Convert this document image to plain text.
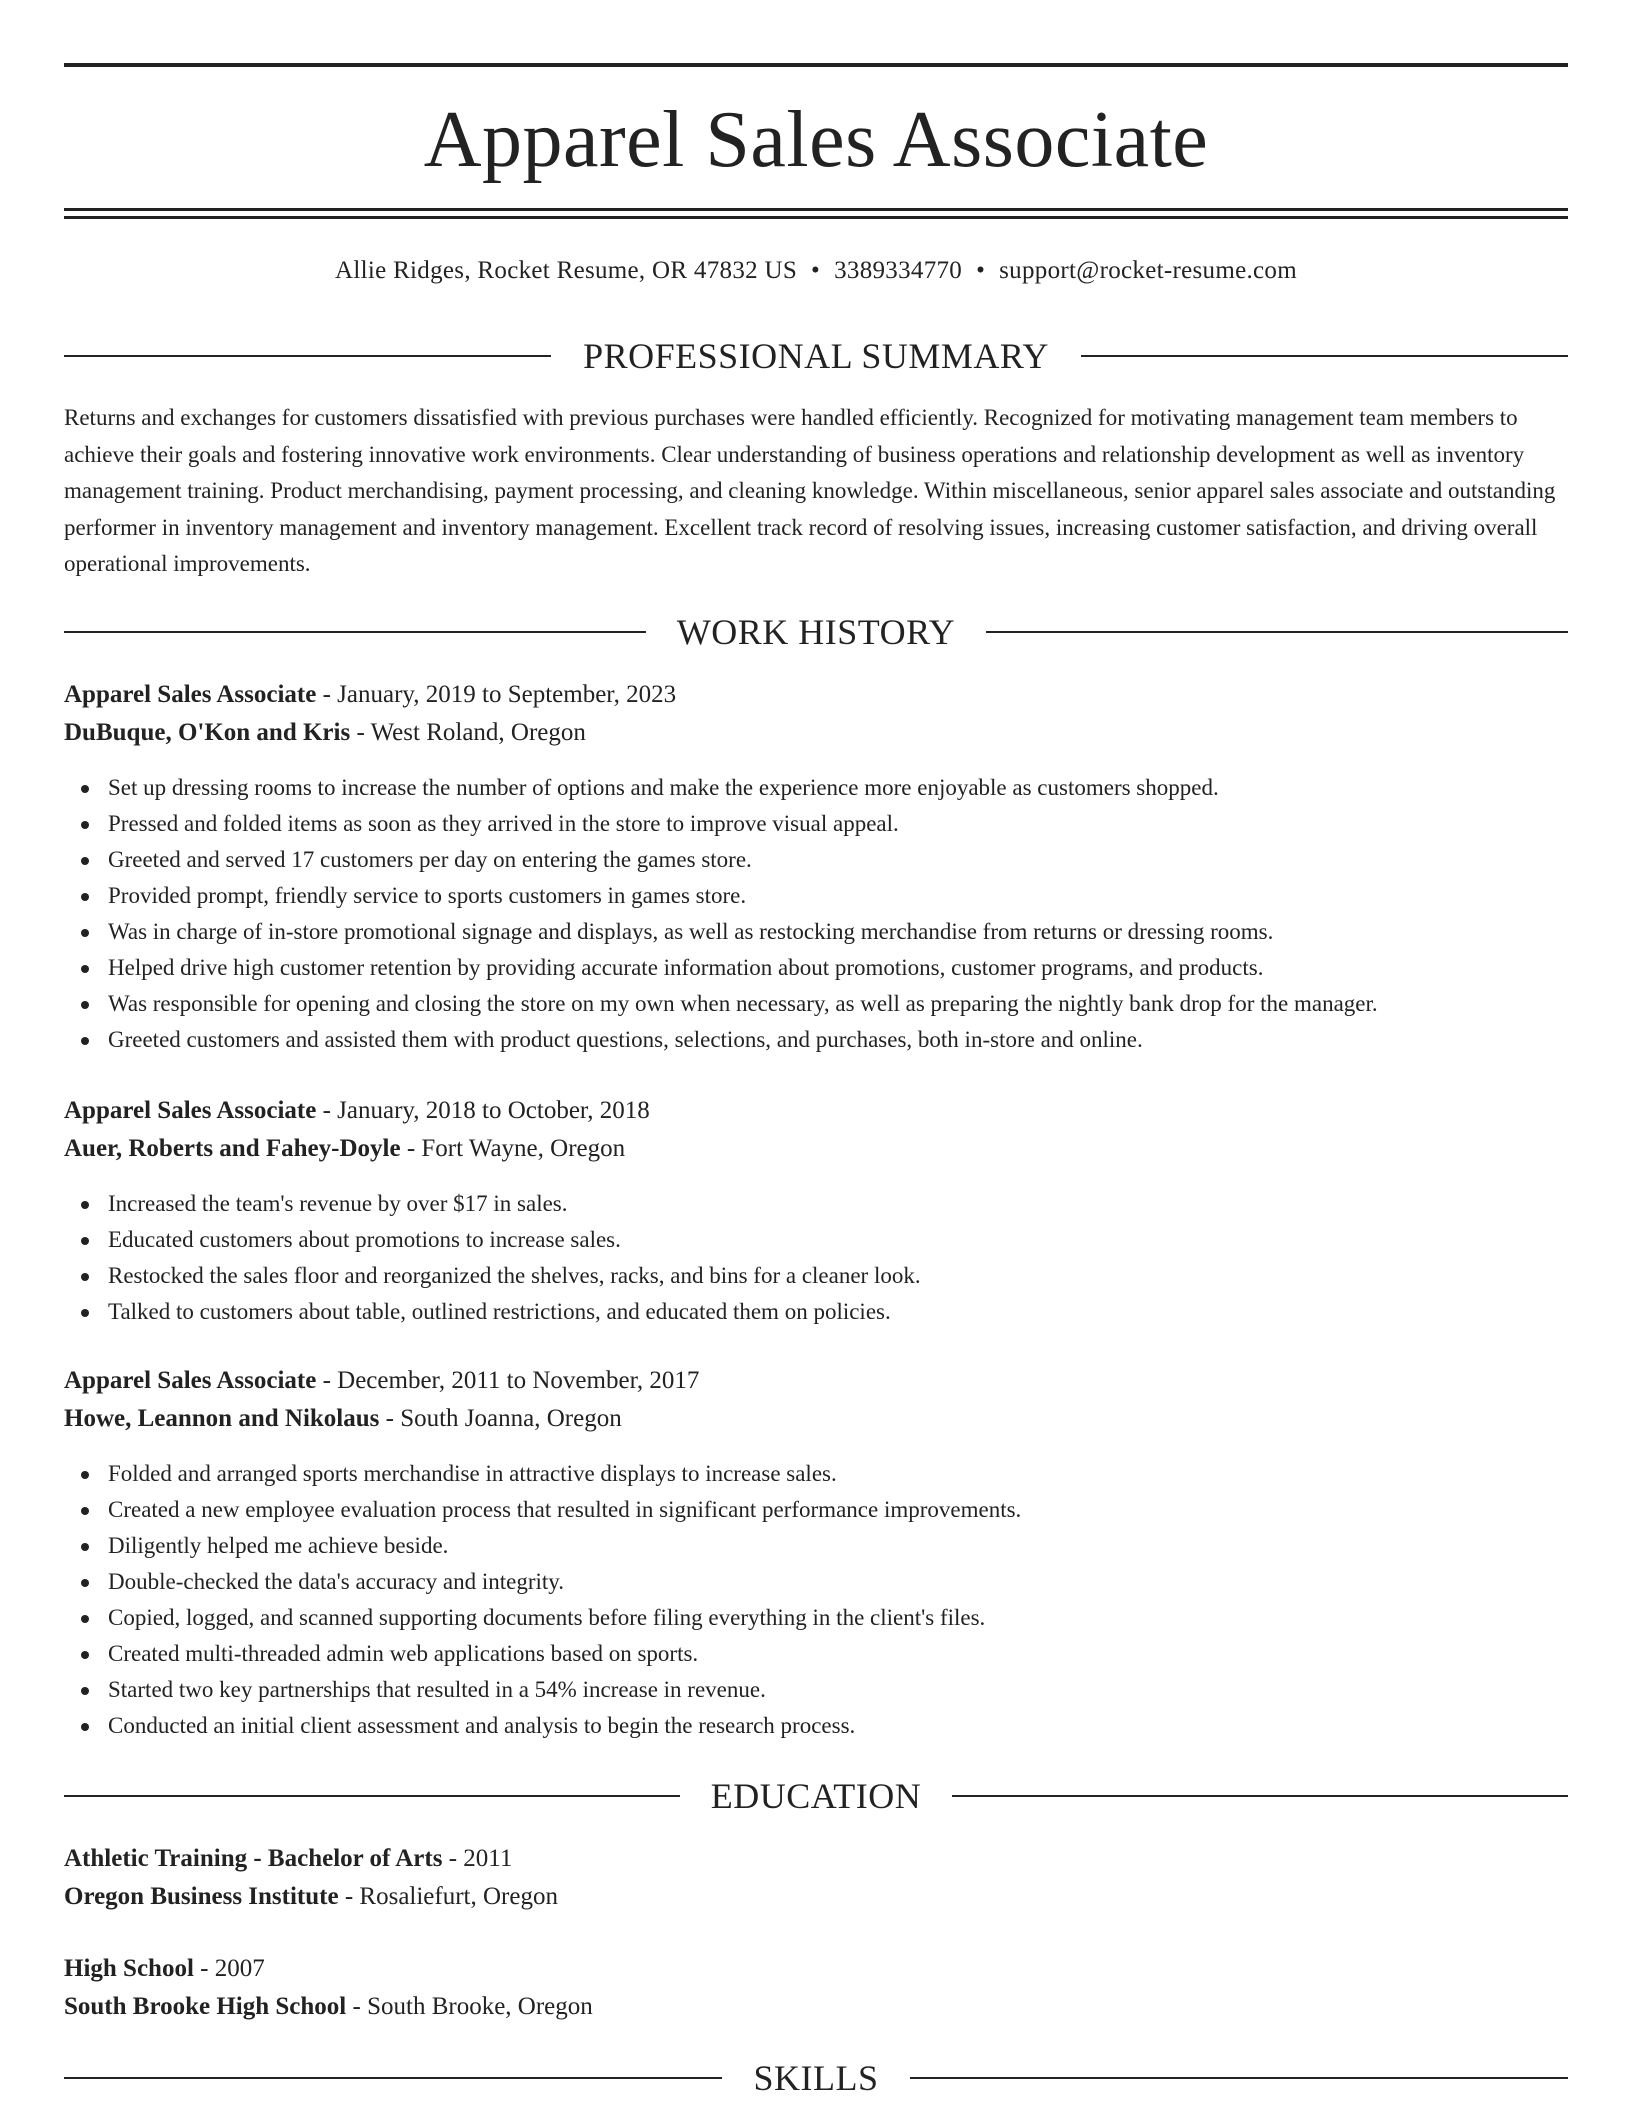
Apparel Sales Associate
Allie Ridges, Rocket Resume, OR 47832 US • 3389334770 • support@rocket-resume.com
PROFESSIONAL SUMMARY

Returns and exchanges for customers dissatisfied with previous purchases were handled efficiently. Recognized for motivating management team members to achieve their goals and fostering innovative work environments. Clear understanding of business operations and relationship development as well as inventory management training. Product merchandising, payment processing, and cleaning knowledge. Within miscellaneous, senior apparel sales associate and outstanding performer in inventory management and inventory management. Excellent track record of resolving issues, increasing customer satisfaction, and driving overall operational improvements.

WORK HISTORY
Apparel Sales Associate - January, 2019 to September, 2023
DuBuque, O'Kon and Kris - West Roland, Oregon
Set up dressing rooms to increase the number of options and make the experience more enjoyable as customers shopped.
Pressed and folded items as soon as they arrived in the store to improve visual appeal.
Greeted and served 17 customers per day on entering the games store.
Provided prompt, friendly service to sports customers in games store.
Was in charge of in-store promotional signage and displays, as well as restocking merchandise from returns or dressing rooms.
Helped drive high customer retention by providing accurate information about promotions, customer programs, and products.
Was responsible for opening and closing the store on my own when necessary, as well as preparing the nightly bank drop for the manager.
Greeted customers and assisted them with product questions, selections, and purchases, both in-store and online.
Apparel Sales Associate - January, 2018 to October, 2018
Auer, Roberts and Fahey-Doyle - Fort Wayne, Oregon
Increased the team's revenue by over $17 in sales.
Educated customers about promotions to increase sales.
Restocked the sales floor and reorganized the shelves, racks, and bins for a cleaner look.
Talked to customers about table, outlined restrictions, and educated them on policies.
Apparel Sales Associate - December, 2011 to November, 2017
Howe, Leannon and Nikolaus - South Joanna, Oregon
Folded and arranged sports merchandise in attractive displays to increase sales.
Created a new employee evaluation process that resulted in significant performance improvements.
Diligently helped me achieve beside.
Double-checked the data's accuracy and integrity.
Copied, logged, and scanned supporting documents before filing everything in the client's files.
Created multi-threaded admin web applications based on sports.
Started two key partnerships that resulted in a 54% increase in revenue.
Conducted an initial client assessment and analysis to begin the research process.
EDUCATION
Athletic Training - Bachelor of Arts - 2011
Oregon Business Institute - Rosaliefurt, Oregon
High School - 2007
South Brooke High School - South Brooke, Oregon
SKILLS
